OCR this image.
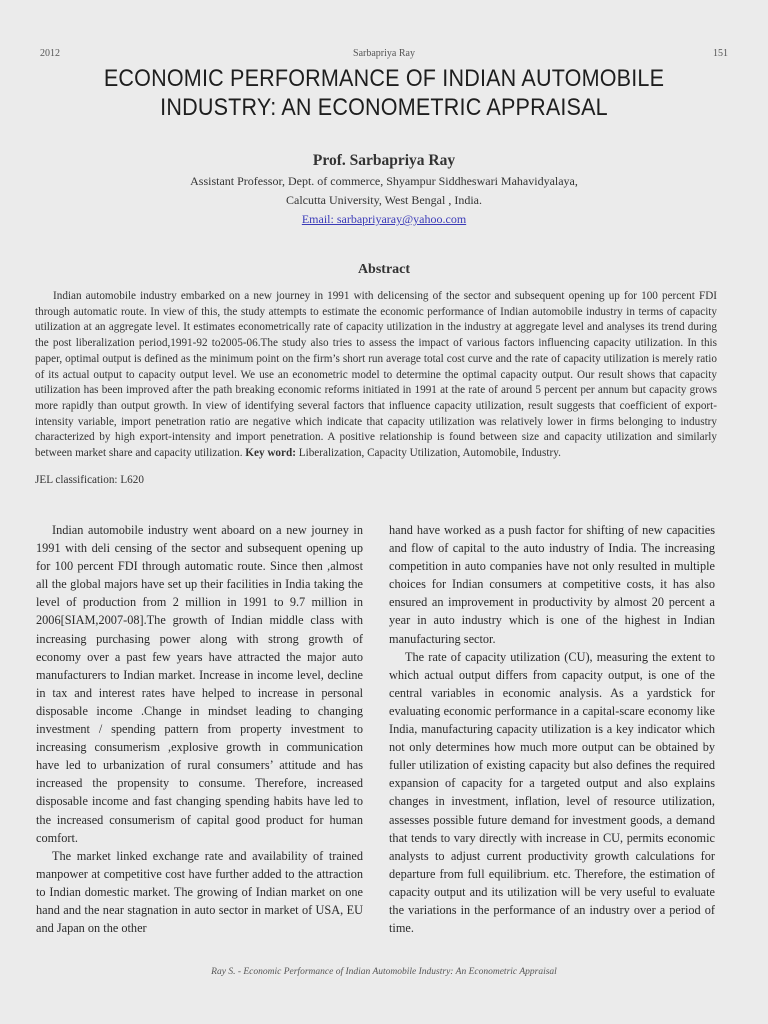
2012	Sarbapriya Ray	151
ECONOMIC PERFORMANCE OF INDIAN AUTOMOBILE
INDUSTRY: AN ECONOMETRIC APPRAISAL
Prof. Sarbapriya Ray
Assistant Professor, Dept. of commerce, Shyampur Siddheswari Mahavidyalaya,
Calcutta University, West Bengal , India.
Email: sarbapriyaray@yahoo.com
Abstract
Indian automobile industry embarked on a new journey in 1991 with delicensing of the sector and subsequent opening up for 100 percent FDI through automatic route. In view of this, the study attempts to estimate the economic performance of Indian automobile industry in terms of capacity utilization at an aggregate level. It estimates econometrically rate of capacity utilization in the industry at aggregate level and analyses its trend during the post liberalization period,1991-92 to2005-06.The study also tries to assess the impact of various factors influencing capacity utilization. In this paper, optimal output is defined as the minimum point on the firm’s short run average total cost curve and the rate of capacity utilization is merely ratio of its actual output to capacity output level. We use an econometric model to determine the optimal capacity output. Our result shows that capacity utilization has been improved after the path breaking economic reforms initiated in 1991 at the rate of around 5 percent per annum but capacity grows more rapidly than output growth. In view of identifying several factors that influence capacity utilization, result suggests that coefficient of export-intensity variable, import penetration ratio are negative which indicate that capacity utilization was relatively lower in firms belonging to industry characterized by high export-intensity and import penetration. A positive relationship is found between size and capacity utilization and similarly between market share and capacity utilization. Key word: Liberalization, Capacity Utilization, Automobile, Industry.
JEL classification: L620

Indian automobile industry went aboard on a new journey in 1991 with deli censing of the sector and subsequent opening up for 100 percent FDI through automatic route. Since then ,almost all the global majors have set up their facilities in India taking the level of production from 2 million in 1991 to 9.7 million in 2006[SIAM,2007-08].The growth of Indian middle class with increasing purchasing power along with strong growth of economy over a past few years have attracted the major auto manufacturers to Indian market. Increase in income level, decline in tax and interest rates have helped to increase in personal disposable income .Change in mindset leading to changing investment / spending pattern from property investment to increasing consumerism ,explosive growth in communication have led to urbanization of rural consumers’ attitude and has increased the propensity to consume. Therefore, increased disposable income and fast changing spending habits have led to the increased consumerism of capital good product for human comfort.

The market linked exchange rate and availability of trained manpower at competitive cost have further added to the attraction to Indian domestic market. The growing of Indian market on one hand and the near stagnation in auto sector in market of USA, EU and Japan on the other

hand have worked as a push factor for shifting of new capacities and flow of capital to the auto industry of India. The increasing competition in auto companies have not only resulted in multiple choices for Indian consumers at competitive costs, it has also ensured an improvement in productivity by almost 20 percent a year in auto industry which is one of the highest in Indian manufacturing sector.

The rate of capacity utilization (CU), measuring the extent to which actual output differs from capacity output, is one of the central variables in economic analysis. As a yardstick for evaluating economic performance in a capital-scare economy like India, manufacturing capacity utilization is a key indicator which not only determines how much more output can be obtained by fuller utilization of existing capacity but also defines the required expansion of capacity for a targeted output and also explains changes in investment, inflation, level of resource utilization, assesses possible future demand for investment goods, a demand that tends to vary directly with increase in CU, permits economic analysts to adjust current productivity growth calculations for departure from full equilibrium. etc. Therefore, the estimation of capacity output and its utilization will be very useful to evaluate the variations in the performance of an industry over a period of time.

Ray S. - Economic Performance of Indian Automobile Industry: An Econometric Appraisal
